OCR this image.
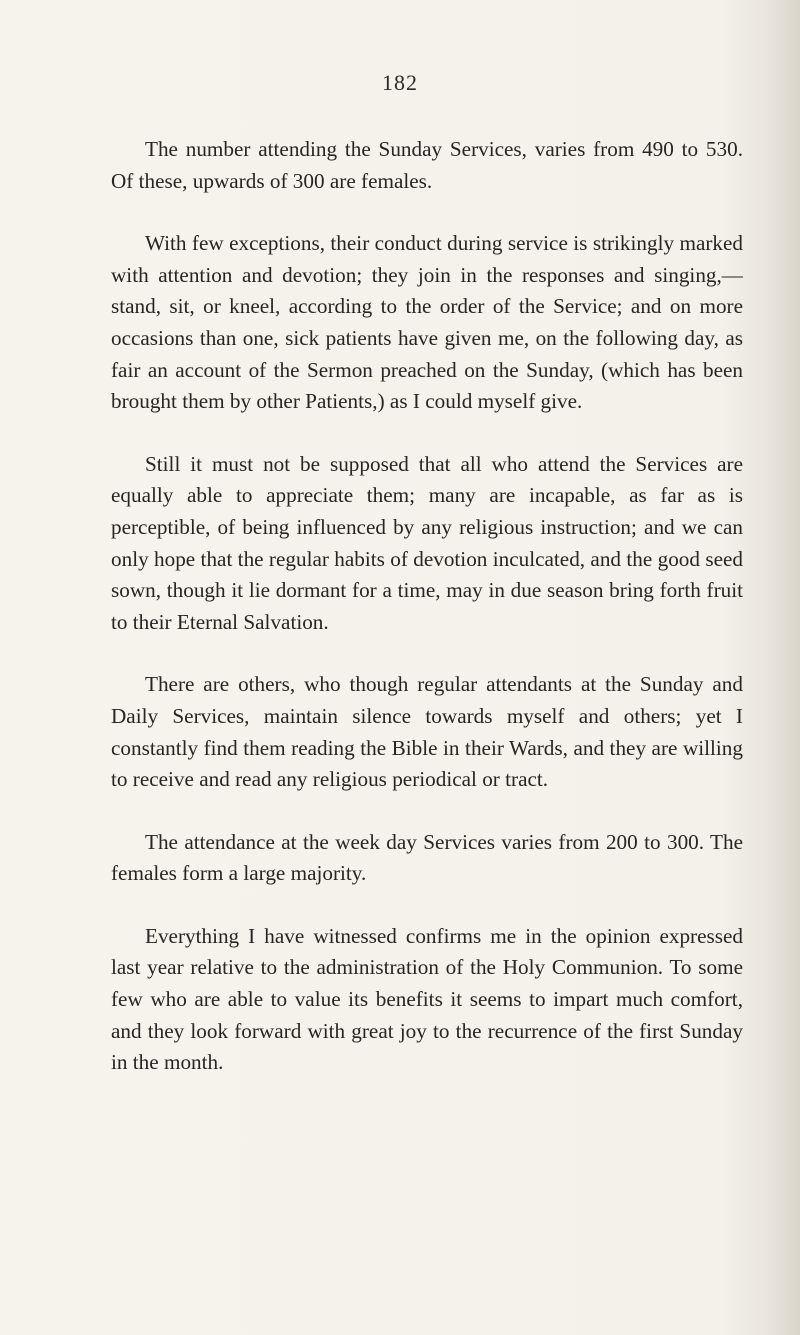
182

The number attending the Sunday Services, varies from 490 to 530. Of these, upwards of 300 are females.

With few exceptions, their conduct during service is strikingly marked with attention and devotion; they join in the responses and singing,—stand, sit, or kneel, according to the order of the Service; and on more occasions than one, sick patients have given me, on the following day, as fair an account of the Sermon preached on the Sunday, (which has been brought them by other Patients,) as I could myself give.

Still it must not be supposed that all who attend the Services are equally able to appreciate them; many are incapable, as far as is perceptible, of being influenced by any religious instruction; and we can only hope that the regular habits of devotion inculcated, and the good seed sown, though it lie dormant for a time, may in due season bring forth fruit to their Eternal Salvation.

There are others, who though regular attendants at the Sunday and Daily Services, maintain silence towards myself and others; yet I constantly find them reading the Bible in their Wards, and they are willing to receive and read any religious periodical or tract.

The attendance at the week day Services varies from 200 to 300. The females form a large majority.

Everything I have witnessed confirms me in the opinion expressed last year relative to the administration of the Holy Communion. To some few who are able to value its benefits it seems to impart much comfort, and they look forward with great joy to the recurrence of the first Sunday in the month.
